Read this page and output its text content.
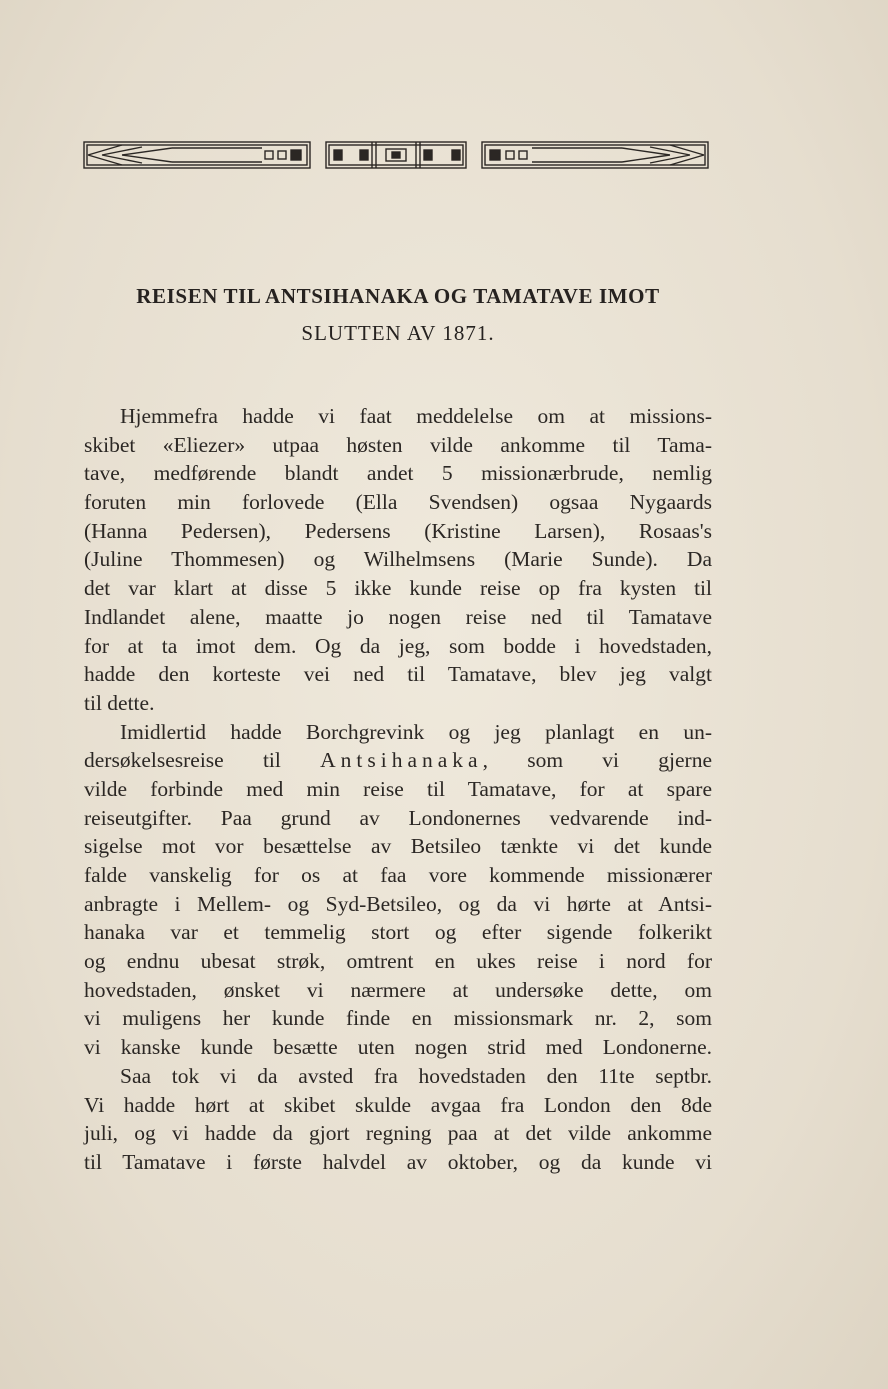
REISEN TIL ANTSIHANAKA OG TAMATAVE IMOT
SLUTTEN AV 1871.
Hjemmefra hadde vi faat meddelelse om at missions-
skibet «Eliezer» utpaa høsten vilde ankomme til Tama-
tave, medførende blandt andet 5 missionærbrude, nemlig
foruten min forlovede (Ella Svendsen) ogsaa Nygaards
(Hanna Pedersen), Pedersens (Kristine Larsen), Rosaas's
(Juline Thommesen) og Wilhelmsens (Marie Sunde). Da
det var klart at disse 5 ikke kunde reise op fra kysten til
Indlandet alene, maatte jo nogen reise ned til Tamatave
for at ta imot dem. Og da jeg, som bodde i hovedstaden,
hadde den korteste vei ned til Tamatave, blev jeg valgt
til dette.
Imidlertid hadde Borchgrevink og jeg planlagt en un-
dersøkelsesreise til Antsihanaka, som vi gjerne
vilde forbinde med min reise til Tamatave, for at spare
reiseutgifter. Paa grund av Londonernes vedvarende ind-
sigelse mot vor besættelse av Betsileo tænkte vi det kunde
falde vanskelig for os at faa vore kommende missionærer
anbragte i Mellem- og Syd-Betsileo, og da vi hørte at Antsi-
hanaka var et temmelig stort og efter sigende folkerikt
og endnu ubesat strøk, omtrent en ukes reise i nord for
hovedstaden, ønsket vi nærmere at undersøke dette, om
vi muligens her kunde finde en missionsmark nr. 2, som
vi kanske kunde besætte uten nogen strid med Londonerne.
Saa tok vi da avsted fra hovedstaden den 11te septbr.
Vi hadde hørt at skibet skulde avgaa fra London den 8de
juli, og vi hadde da gjort regning paa at det vilde ankomme
til Tamatave i første halvdel av oktober, og da kunde vi
